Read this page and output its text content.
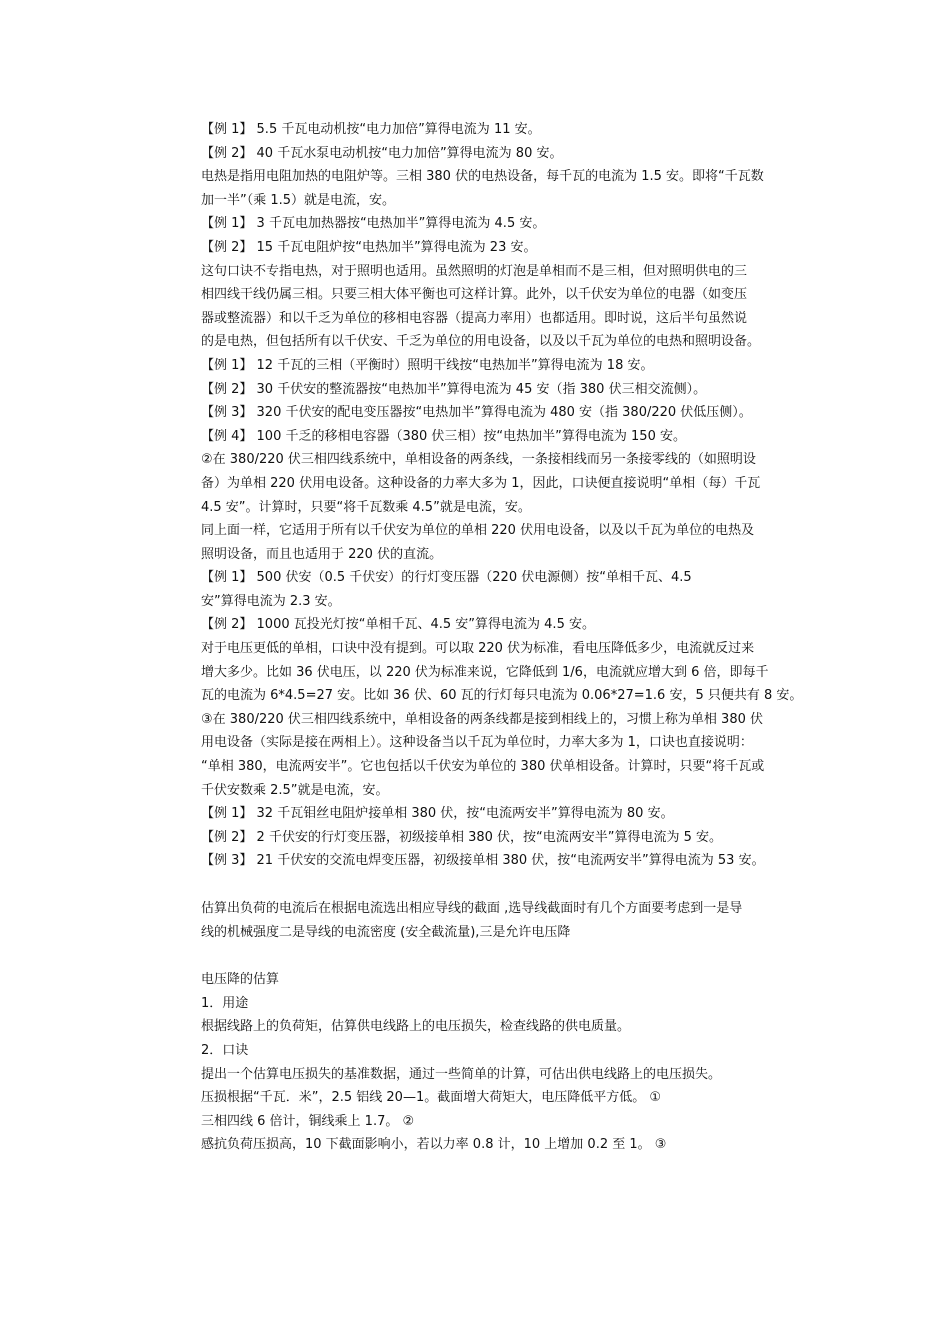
【例 1】 5.5 千瓦电动机按“电力加倍”算得电流为 11 安。
【例 2】 40 千瓦水泵电动机按“电力加倍”算得电流为 80 安。
电热是指用电阻加热的电阻炉等。三相 380 伏的电热设备，每千瓦的电流为 1.5 安。即将“千瓦数
加一半”（乘 1.5）就是电流，安。
【例 1】 3 千瓦电加热器按“电热加半”算得电流为 4.5 安。
【例 2】 15 千瓦电阻炉按“电热加半”算得电流为 23 安。
这句口诀不专指电热，对于照明也适用。虽然照明的灯泡是单相而不是三相，但对照明供电的三
相四线干线仍属三相。只要三相大体平衡也可这样计算。此外，以千伏安为单位的电器（如变压
器或整流器）和以千乏为单位的移相电容器（提高力率用）也都适用。即时说，这后半句虽然说
的是电热，但包括所有以千伏安、千乏为单位的用电设备，以及以千瓦为单位的电热和照明设备。
【例 1】 12 千瓦的三相（平衡时）照明干线按“电热加半”算得电流为 18 安。
【例 2】 30 千伏安的整流器按“电热加半”算得电流为 45 安（指 380 伏三相交流侧）。
【例 3】 320 千伏安的配电变压器按“电热加半”算得电流为 480 安（指 380/220 伏低压侧）。
【例 4】 100 千乏的移相电容器（380 伏三相）按“电热加半”算得电流为 150 安。
②在 380/220 伏三相四线系统中，单相设备的两条线，一条接相线而另一条接零线的（如照明设
备）为单相 220 伏用电设备。这种设备的力率大多为 1，因此，口诀便直接说明“单相（每）千瓦
4.5 安”。计算时，只要“将千瓦数乘 4.5”就是电流，安。
同上面一样，它适用于所有以千伏安为单位的单相 220 伏用电设备，以及以千瓦为单位的电热及
照明设备，而且也适用于 220 伏的直流。
【例 1】 500 伏安（0.5 千伏安）的行灯变压器（220 伏电源侧）按“单相千瓦、4.5
安”算得电流为 2.3 安。
【例 2】 1000 瓦投光灯按“单相千瓦、4.5 安”算得电流为 4.5 安。
对于电压更低的单相，口诀中没有提到。可以取 220 伏为标准，看电压降低多少，电流就反过来
增大多少。比如 36 伏电压，以 220 伏为标准来说，它降低到 1/6，电流就应增大到 6 倍，即每千
瓦的电流为 6*4.5=27 安。比如 36 伏、60 瓦的行灯每只电流为 0.06*27=1.6 安，5 只便共有 8 安。
③在 380/220 伏三相四线系统中，单相设备的两条线都是接到相线上的，习惯上称为单相 380 伏
用电设备（实际是接在两相上）。这种设备当以千瓦为单位时，力率大多为 1，口诀也直接说明：
“单相 380，电流两安半”。它也包括以千伏安为单位的 380 伏单相设备。计算时，只要“将千瓦或
千伏安数乘 2.5”就是电流，安。
【例 1】 32 千瓦钼丝电阻炉接单相 380 伏，按“电流两安半”算得电流为 80 安。
【例 2】 2 千伏安的行灯变压器，初级接单相 380 伏，按“电流两安半”算得电流为 5 安。
【例 3】 21 千伏安的交流电焊变压器，初级接单相 380 伏，按“电流两安半”算得电流为 53 安。
估算出负荷的电流后在根据电流选出相应导线的截面 ,选导线截面时有几个方面要考虑到一是导
线的机械强度二是导线的电流密度 (安全截流量),三是允许电压降
电压降的估算
1．用途
根据线路上的负荷矩，估算供电线路上的电压损失，检查线路的供电质量。
2．口诀
提出一个估算电压损失的基准数据，通过一些简单的计算，可估出供电线路上的电压损失。
压损根据“千瓦．米”，2.5 铝线 20—1。截面增大荷矩大，电压降低平方低。 ①
三相四线 6 倍计，铜线乘上 1.7。 ②
感抗负荷压损高，10 下截面影响小，若以力率 0.8 计，10 上增加 0.2 至 1。 ③
